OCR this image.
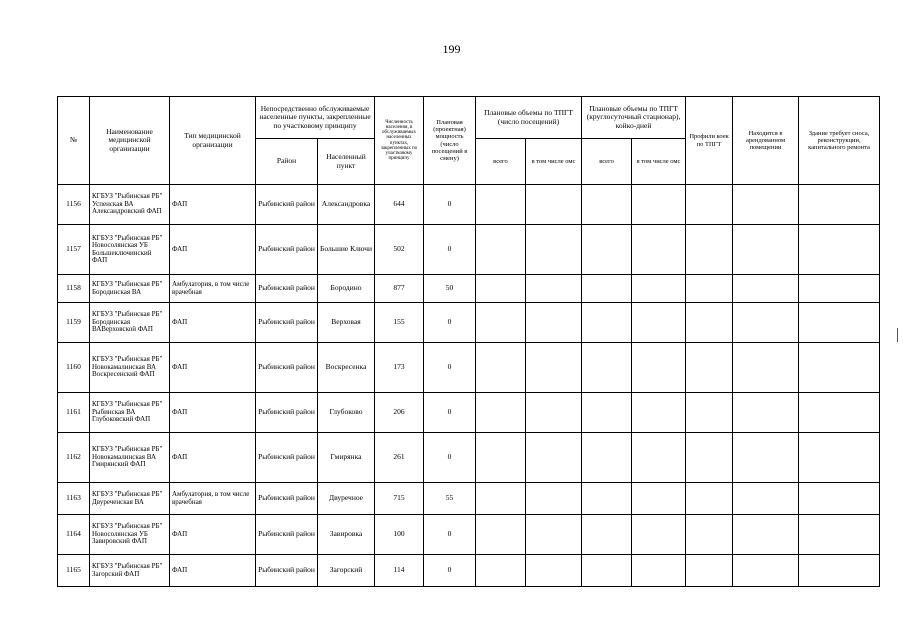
199
№	Наименование медицинской организации	Тип медицинской организации	Непосредственно обслуживаемые населенные пункты, закрепленные по участковому принципу		Численность населения, в обслуживаемых населенных пунктах, закрепленных по участковому принципу	Плановая (проектная) мощность (число посещений в смену)	Плановые объемы по ТПГТ (число посещений)		Плановые объемы по ТПГТ (круглосуточный стационар), койко-дней		Профили коек по ТПГТ	Находится в арендованном помещении	Здание требует сноса, реконструкции, капитального ремонта
			Район	Населенный пункт			всего	в том числе омс	всего	в том числе омс			
1156	КГБУЗ "Рыбинская РБ" Успенская ВА Александровский ФАП	ФАП	Рыбинский район	Александровка	644	0							
1157	КГБУЗ "Рыбинская РБ" Новосолянская УБ Большеключинский ФАП	ФАП	Рыбинский район	Большие Ключи	502	0							
1158	КГБУЗ "Рыбинская РБ" Бородинская ВА	Амбулатория, в том числе врачебная	Рыбинский район	Бородино	877	50							
1159	КГБУЗ "Рыбинская РБ" Бородинская ВАВерховской ФАП	ФАП	Рыбинский район	Верховая	155	0							
1160	КГБУЗ "Рыбинская РБ" Новокамалинская ВА Воскресенский ФАП	ФАП	Рыбинский район	Воскресенка	173	0							
1161	КГБУЗ "Рыбинская РБ" Рыбинская ВА Глубоковский ФАП	ФАП	Рыбинский район	Глубоково	206	0							
1162	КГБУЗ "Рыбинская РБ" Новокамалинская ВА Гмирянский ФАП	ФАП	Рыбинский район	Гмирянка	261	0							
1163	КГБУЗ "Рыбинская РБ" Двуреченская ВА	Амбулатория, в том числе врачебная	Рыбинский район	Двуречное	715	55							
1164	КГБУЗ "Рыбинская РБ" Новосолянская УБ Завировский ФАП	ФАП	Рыбинский район	Завировка	100	0							
1165	КГБУЗ "Рыбинская РБ" Загорский ФАП	ФАП	Рыбинский район	Загорский	114	0							
